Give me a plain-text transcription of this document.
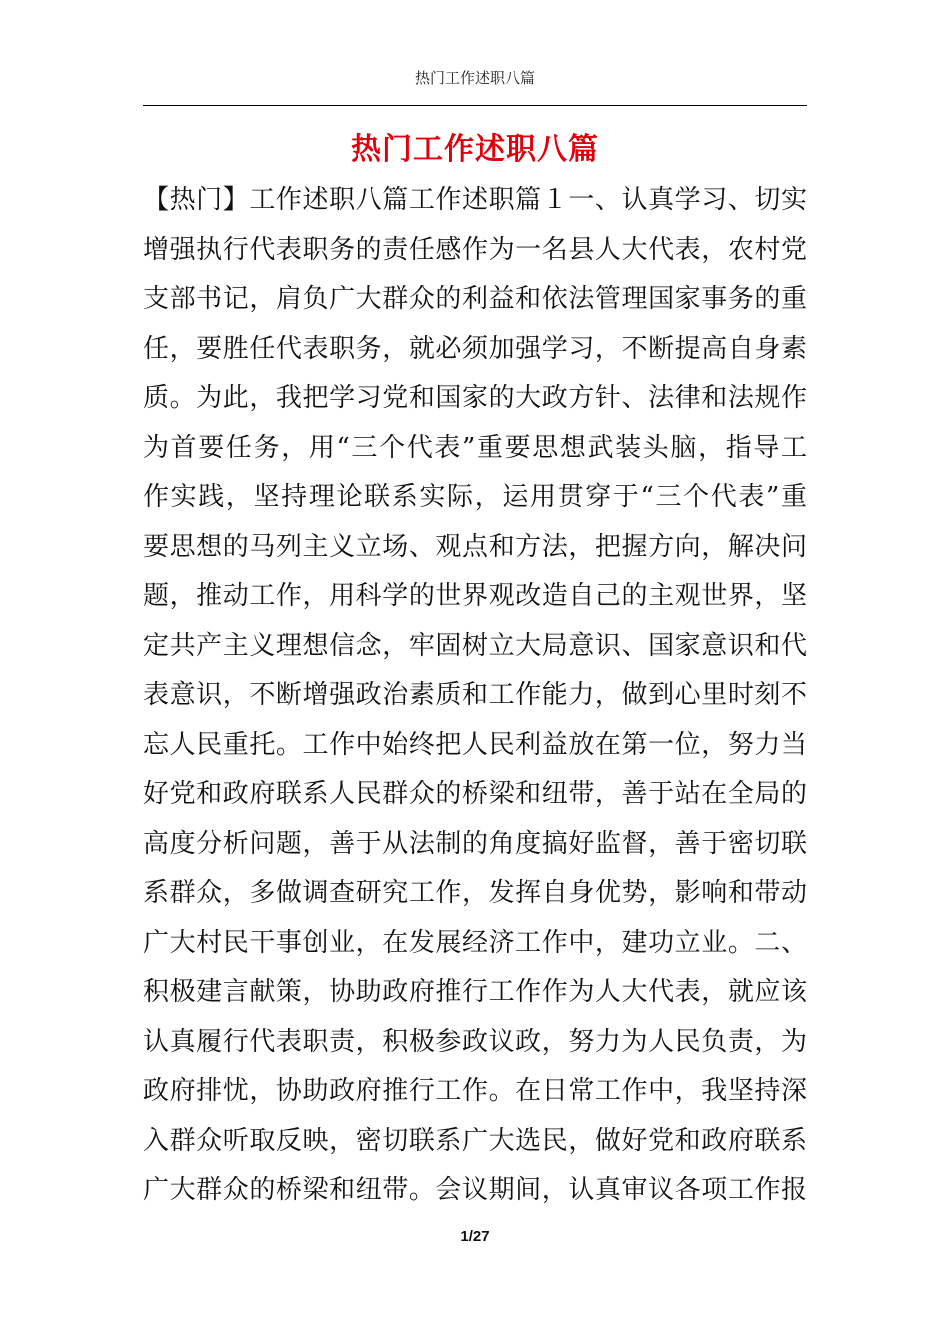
热门工作述职八篇
热门工作述职八篇
【热门】工作述职八篇工作述职篇１一、认真学习、切实
增强执行代表职务的责任感作为一名县人大代表，农村党
支部书记，肩负广大群众的利益和依法管理国家事务的重
任，要胜任代表职务，就必须加强学习，不断提高自身素
质。为此，我把学习党和国家的大政方针、法律和法规作
为首要任务，用“三个代表”重要思想武装头脑，指导工
作实践，坚持理论联系实际，运用贯穿于“三个代表”重
要思想的马列主义立场、观点和方法，把握方向，解决问
题，推动工作，用科学的世界观改造自己的主观世界，坚
定共产主义理想信念，牢固树立大局意识、国家意识和代
表意识，不断增强政治素质和工作能力，做到心里时刻不
忘人民重托。工作中始终把人民利益放在第一位，努力当
好党和政府联系人民群众的桥梁和纽带，善于站在全局的
高度分析问题，善于从法制的角度搞好监督，善于密切联
系群众，多做调查研究工作，发挥自身优势，影响和带动
广大村民干事创业，在发展经济工作中，建功立业。二、
积极建言献策，协助政府推行工作作为人大代表，就应该
认真履行代表职责，积极参政议政，努力为人民负责，为
政府排忧，协助政府推行工作。在日常工作中，我坚持深
入群众听取反映，密切联系广大选民，做好党和政府联系
广大群众的桥梁和纽带。会议期间，认真审议各项工作报
1/27
